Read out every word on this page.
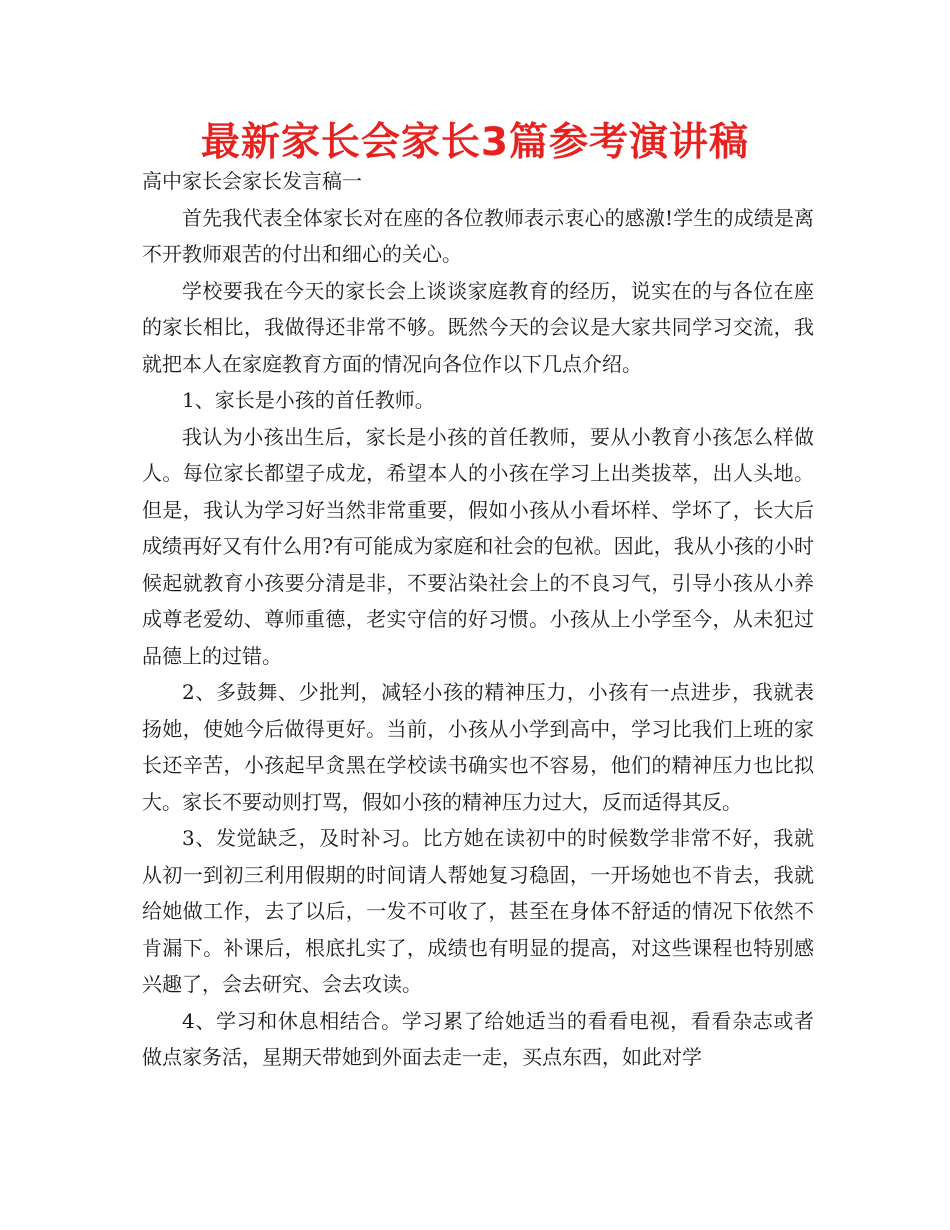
最新家长会家长3篇参考演讲稿

高中家长会家长发言稿一

首先我代表全体家长对在座的各位教师表示衷心的感激!学生的成绩是离不开教师艰苦的付出和细心的关心。

学校要我在今天的家长会上谈谈家庭教育的经历，说实在的与各位在座的家长相比，我做得还非常不够。既然今天的会议是大家共同学习交流，我就把本人在家庭教育方面的情况向各位作以下几点介绍。

1、家长是小孩的首任教师。

我认为小孩出生后，家长是小孩的首任教师，要从小教育小孩怎么样做人。每位家长都望子成龙，希望本人的小孩在学习上出类拔萃，出人头地。但是，我认为学习好当然非常重要，假如小孩从小看坏样、学坏了，长大后成绩再好又有什么用?有可能成为家庭和社会的包袱。因此，我从小孩的小时候起就教育小孩要分清是非，不要沾染社会上的不良习气，引导小孩从小养成尊老爱幼、尊师重德，老实守信的好习惯。小孩从上小学至今，从未犯过品德上的过错。

2、多鼓舞、少批判，减轻小孩的精神压力，小孩有一点进步，我就表扬她，使她今后做得更好。当前，小孩从小学到高中，学习比我们上班的家长还辛苦，小孩起早贪黑在学校读书确实也不容易，他们的精神压力也比拟大。家长不要动则打骂，假如小孩的精神压力过大，反而适得其反。

3、发觉缺乏，及时补习。比方她在读初中的时候数学非常不好，我就从初一到初三利用假期的时间请人帮她复习稳固，一开场她也不肯去，我就给她做工作，去了以后，一发不可收了，甚至在身体不舒适的情况下依然不肯漏下。补课后，根底扎实了，成绩也有明显的提高，对这些课程也特别感兴趣了，会去研究、会去攻读。

4、学习和休息相结合。学习累了给她适当的看看电视，看看杂志或者做点家务活，星期天带她到外面去走一走，买点东西，如此对学
